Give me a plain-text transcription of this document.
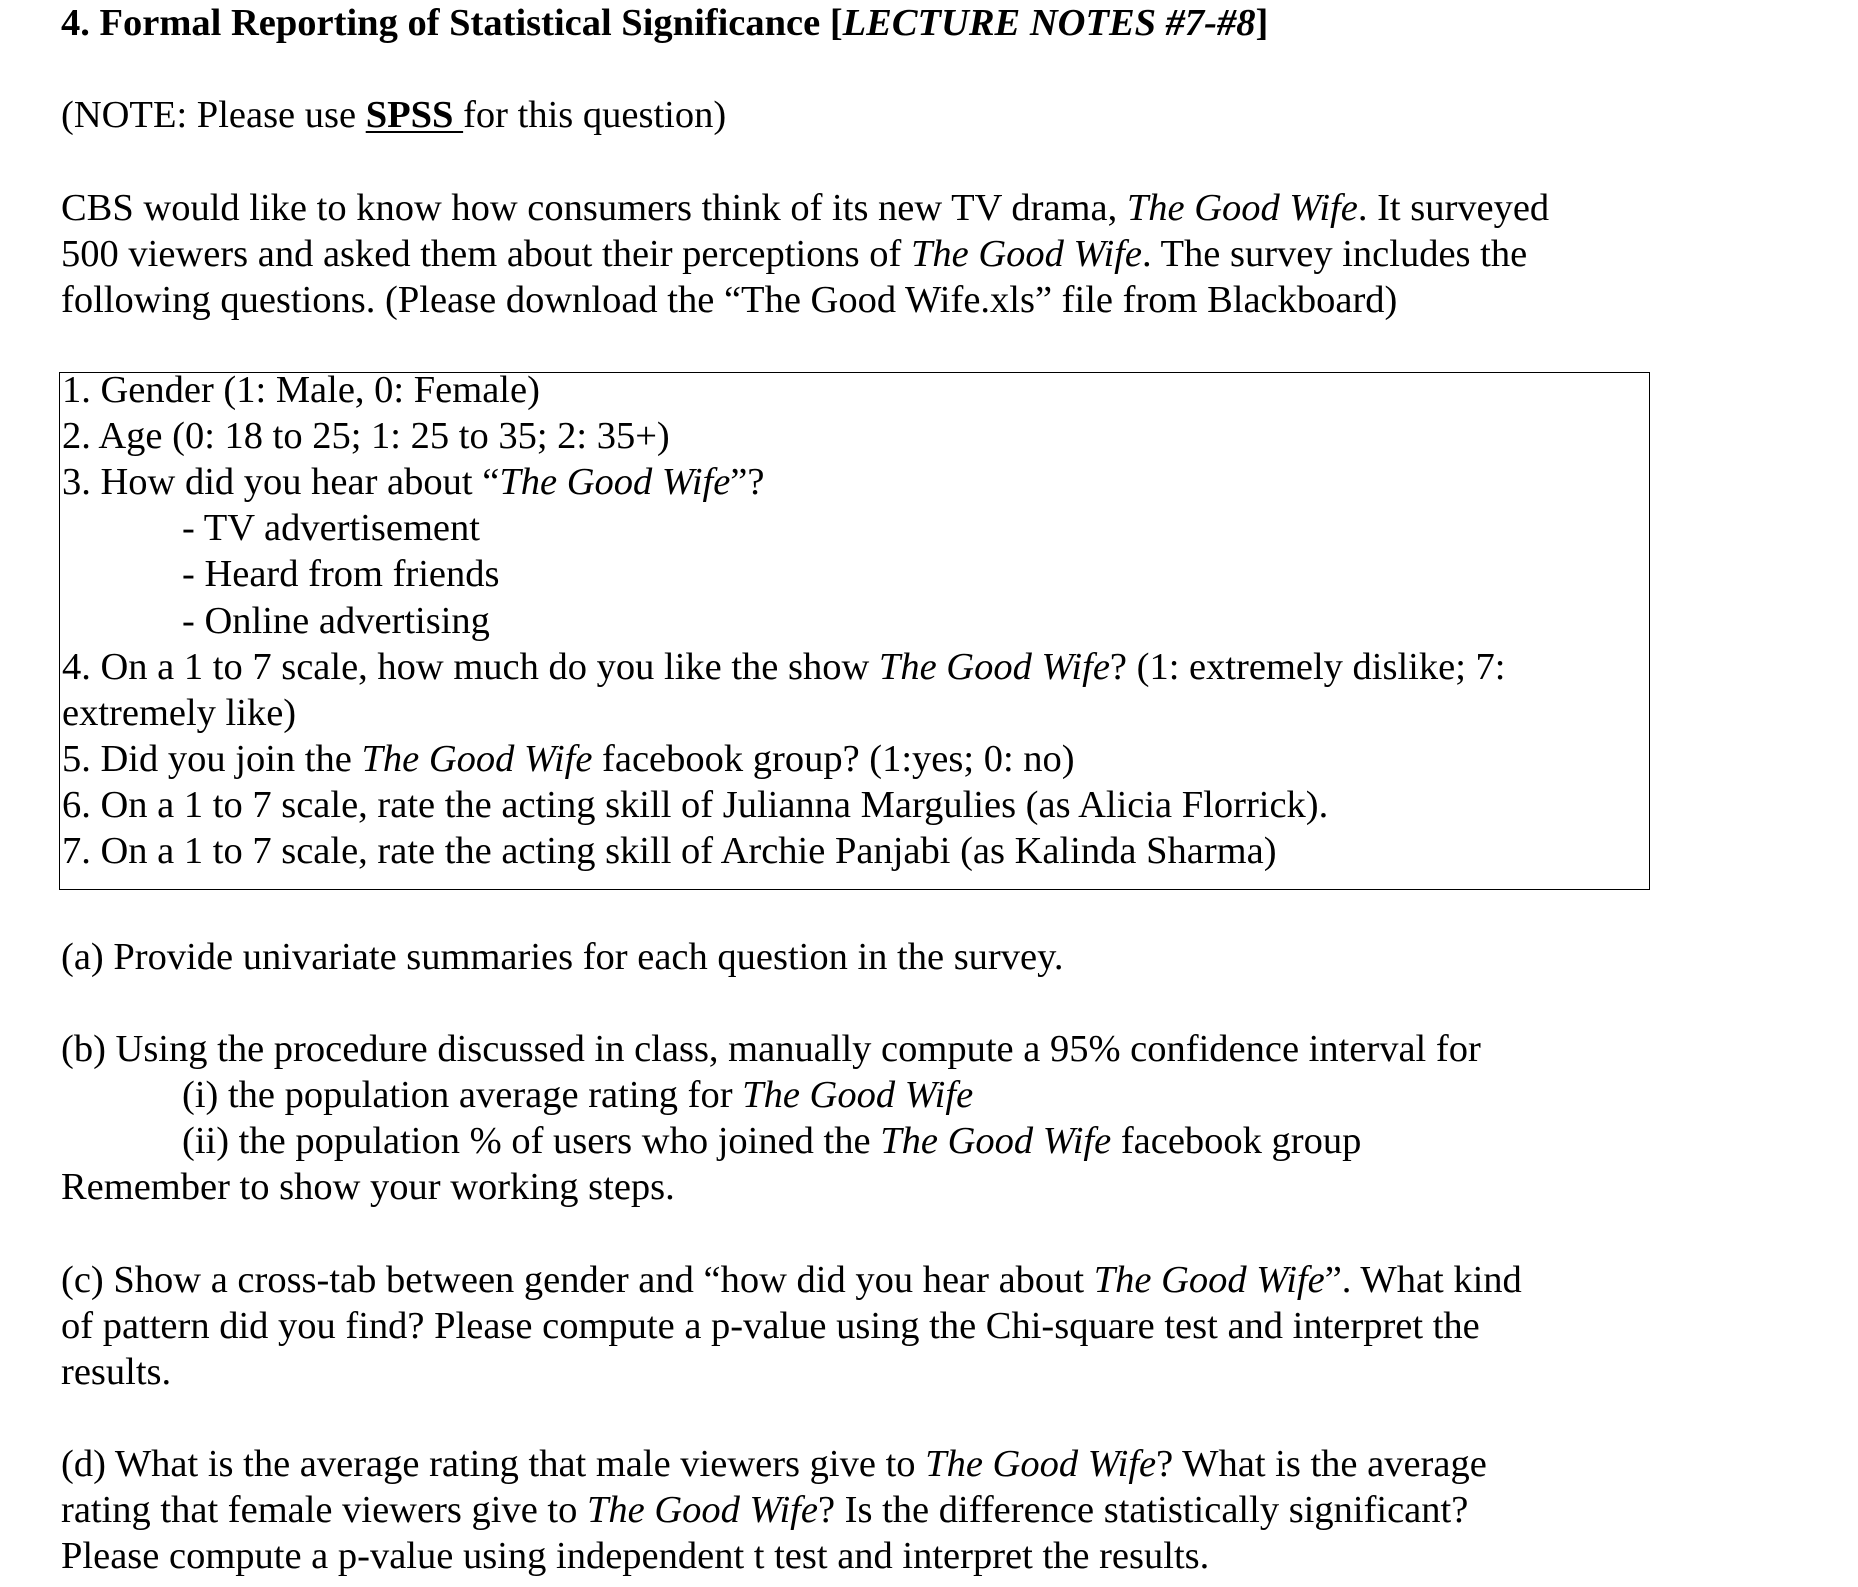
4. Formal Reporting of Statistical Significance [LECTURE NOTES #7-#8]
(NOTE: Please use SPSS for this question)
CBS would like to know how consumers think of its new TV drama, The Good Wife. It surveyed
500 viewers and asked them about their perceptions of The Good Wife. The survey includes the
following questions. (Please download the “The Good Wife.xls” file from Blackboard)
1. Gender (1: Male, 0: Female)
2. Age (0: 18 to 25; 1: 25 to 35; 2: 35+)
3. How did you hear about “The Good Wife”?
- TV advertisement
- Heard from friends
- Online advertising
4. On a 1 to 7 scale, how much do you like the show The Good Wife? (1: extremely dislike; 7:
extremely like)
5. Did you join the The Good Wife facebook group? (1:yes; 0: no)
6. On a 1 to 7 scale, rate the acting skill of Julianna Margulies (as Alicia Florrick).
7. On a 1 to 7 scale, rate the acting skill of Archie Panjabi (as Kalinda Sharma)
(a) Provide univariate summaries for each question in the survey.
(b) Using the procedure discussed in class, manually compute a 95% confidence interval for
(i) the population average rating for The Good Wife
(ii) the population % of users who joined the The Good Wife facebook group
Remember to show your working steps.
(c) Show a cross-tab between gender and “how did you hear about The Good Wife”. What kind
of pattern did you find? Please compute a p-value using the Chi-square test and interpret the
results.
(d) What is the average rating that male viewers give to The Good Wife? What is the average
rating that female viewers give to The Good Wife? Is the difference statistically significant?
Please compute a p-value using independent t test and interpret the results.
